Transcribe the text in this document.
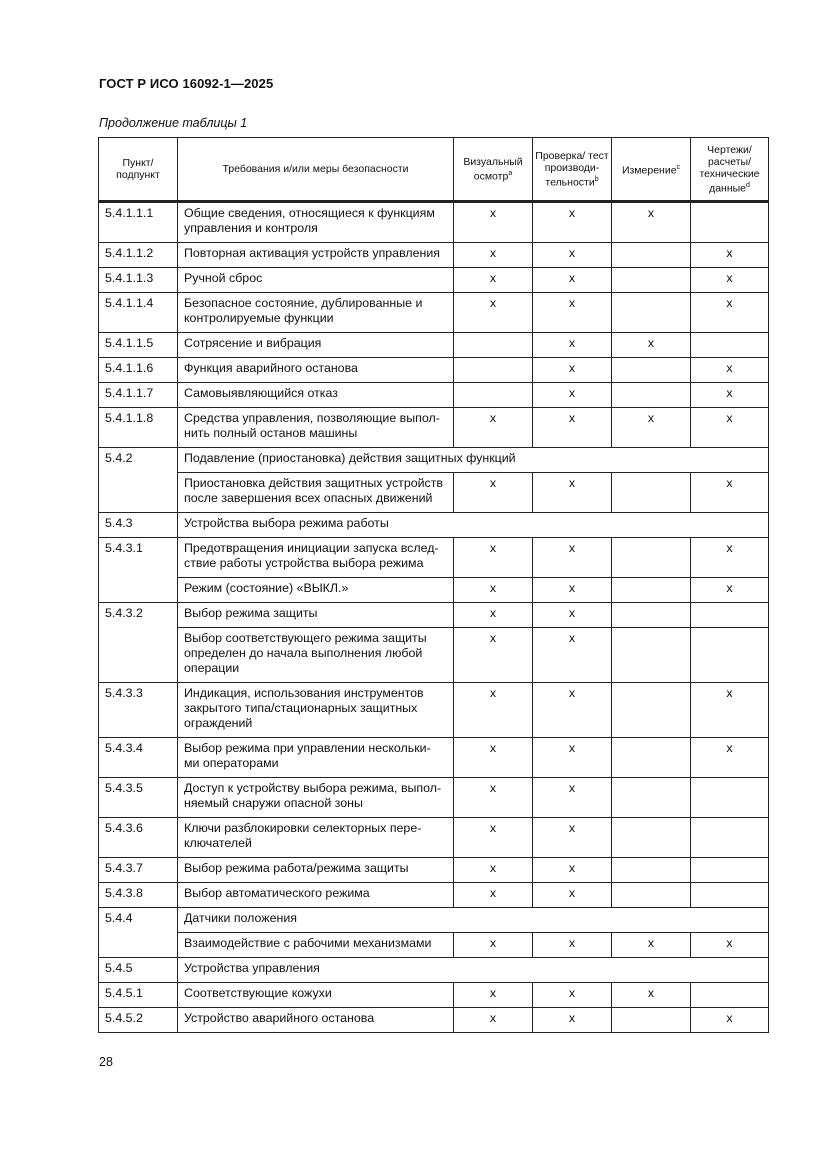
ГОСТ Р ИСО 16092-1—2025
Продолжение таблицы 1
Пункт/ подпункт	Требования и/или меры безопасности	Визуальный осмотр$^a$	Проверка/ тест производи- тельности$^b$	Измерение$^c$	Чертежи/ расчеты/ технические данные$^d$
5.4.1.1.1	Общие сведения, относящиеся к функциям управления и контроля	x	x	x	
5.4.1.1.2	Повторная активация устройств управления	x	x		x
5.4.1.1.3	Ручной сброс	x	x		x
5.4.1.1.4	Безопасное состояние, дублированные и контролируемые функции	x	x		x
5.4.1.1.5	Сотрясение и вибрация		x	x	
5.4.1.1.6	Функция аварийного останова		x		x
5.4.1.1.7	Самовыявляющийся отказ		x		x
5.4.1.1.8	Средства управления, позволяющие выпол- нить полный останов машины	x	x	x	x
5.4.2	Подавление (приостановка) действия защитных функций				
	Приостановка действия защитных устройств после завершения всех опасных движений	x	x		x
5.4.3	Устройства выбора режима работы				
5.4.3.1	Предотвращения инициации запуска вслед- ствие работы устройства выбора режима	x	x		x
	Режим (состояние) «ВЫКЛ.»	x	x		x
5.4.3.2	Выбор режима защиты	x	x		
	Выбор соответствующего режима защиты определен до начала выполнения любой операции	x	x		
5.4.3.3	Индикация, использования инструментов закрытого типа/стационарных защитных ограждений	x	x		x
5.4.3.4	Выбор режима при управлении нескольки- ми операторами	x	x		x
5.4.3.5	Доступ к устройству выбора режима, выпол- няемый снаружи опасной зоны	x	x		
5.4.3.6	Ключи разблокировки селекторных пере- ключателей	x	x		
5.4.3.7	Выбор режима работа/режима защиты	x	x		
5.4.3.8	Выбор автоматического режима	x	x		
5.4.4	Датчики положения				
	Взаимодействие с рабочими механизмами	x	x	x	x
5.4.5	Устройства управления				
5.4.5.1	Соответствующие кожухи	x	x	x	
5.4.5.2	Устройство аварийного останова	x	x		x
28
